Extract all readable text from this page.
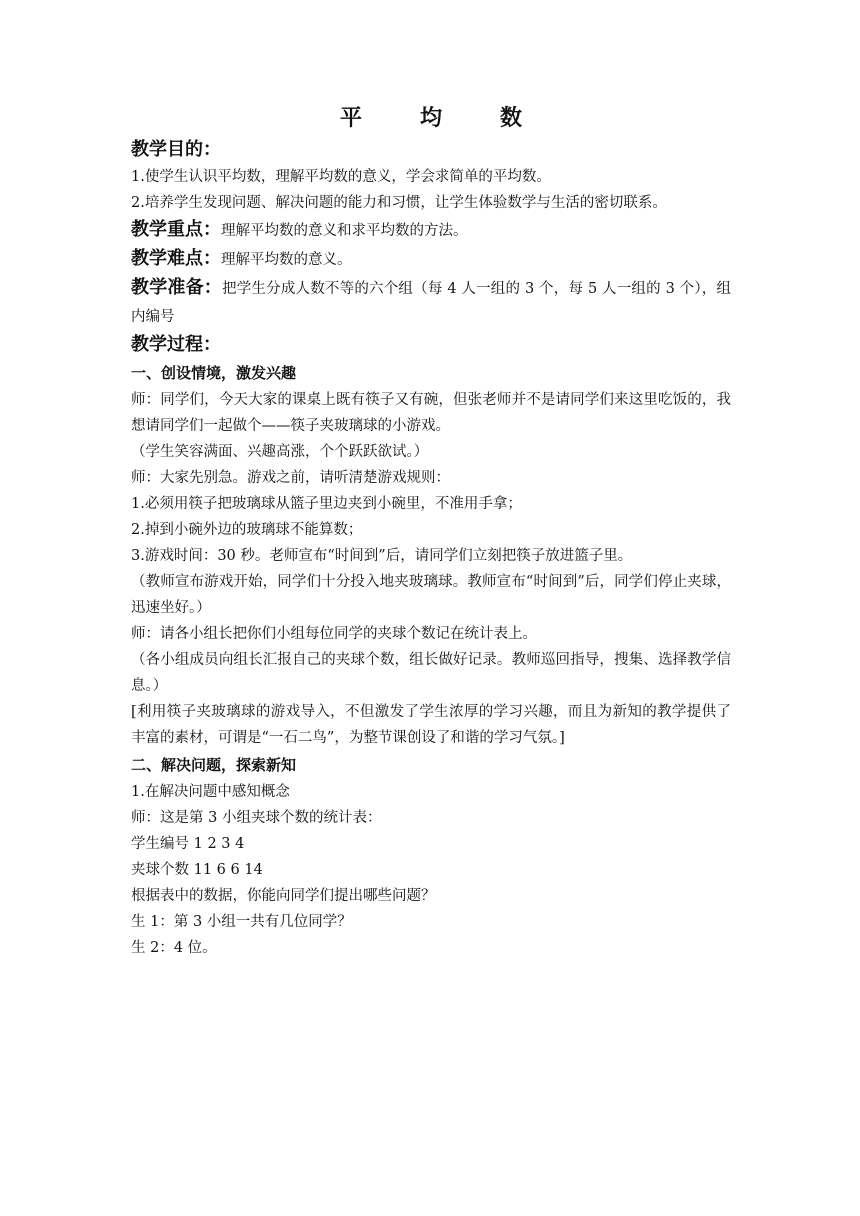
平　均　数
教学目的：
1.使学生认识平均数，理解平均数的意义，学会求简单的平均数。
2.培养学生发现问题、解决问题的能力和习惯，让学生体验数学与生活的密切联系。
教学重点：理解平均数的意义和求平均数的方法。
教学难点：理解平均数的意义。
教学准备：把学生分成人数不等的六个组（每 4 人一组的 3 个，每 5 人一组的 3 个），组内编号
教学过程：
一、创设情境，激发兴趣
师：同学们，今天大家的课桌上既有筷子又有碗，但张老师并不是请同学们来这里吃饭的，我想请同学们一起做个——筷子夹玻璃球的小游戏。
（学生笑容满面、兴趣高涨，个个跃跃欲试。）
师：大家先别急。游戏之前，请听清楚游戏规则：
1.必须用筷子把玻璃球从篮子里边夹到小碗里，不准用手拿；
2.掉到小碗外边的玻璃球不能算数；
3.游戏时间：30 秒。老师宣布“时间到”后，请同学们立刻把筷子放进篮子里。
（教师宣布游戏开始，同学们十分投入地夹玻璃球。教师宣布“时间到”后，同学们停止夹球，迅速坐好。）
师：请各小组长把你们小组每位同学的夹球个数记在统计表上。
（各小组成员向组长汇报自己的夹球个数，组长做好记录。教师巡回指导，搜集、选择教学信息。）
[利用筷子夹玻璃球的游戏导入，不但激发了学生浓厚的学习兴趣，而且为新知的教学提供了丰富的素材，可谓是“一石二鸟”，为整节课创设了和谐的学习气氛。]
二、解决问题，探索新知
1.在解决问题中感知概念
师：这是第 3 小组夹球个数的统计表：
学生编号 1 2 3 4
夹球个数 11 6 6 14
根据表中的数据，你能向同学们提出哪些问题？
生 1：第 3 小组一共有几位同学？
生 2：4 位。
